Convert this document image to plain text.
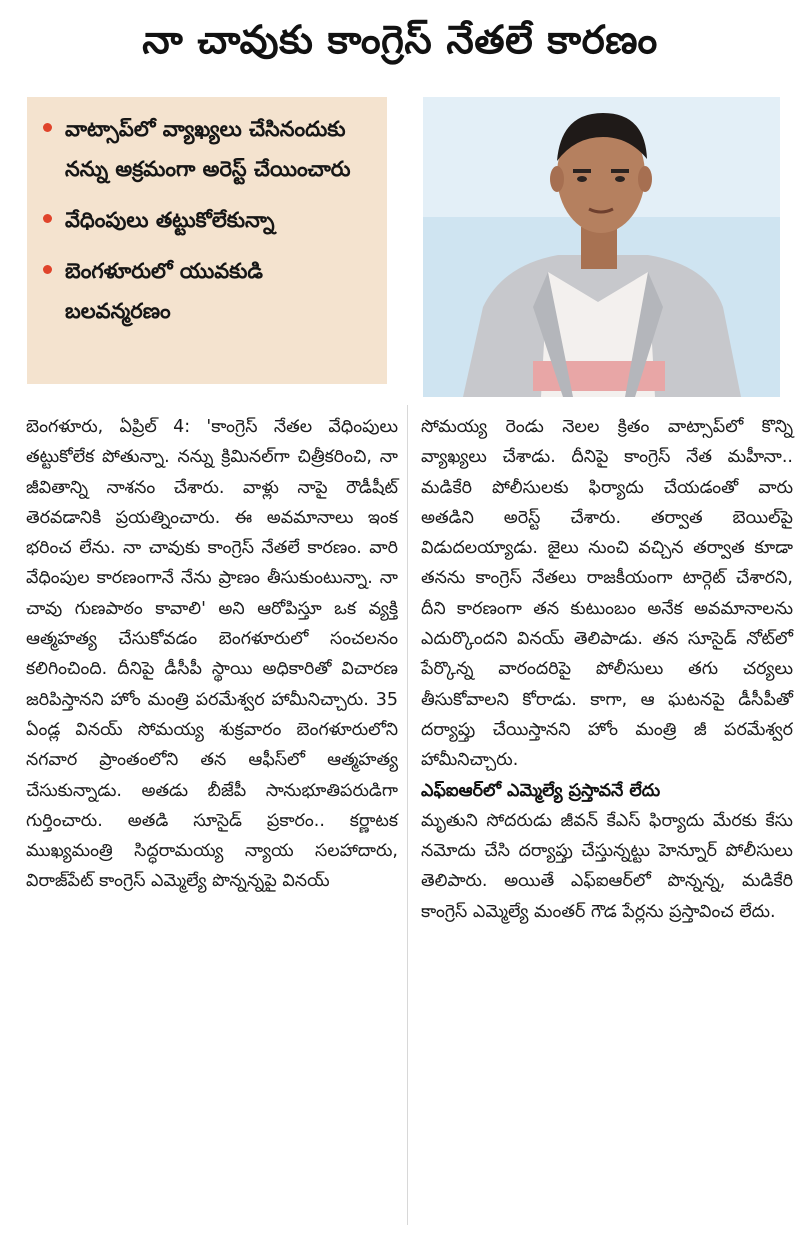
నా చావుకు కాంగ్రెస్ నేతలే కారణం
వాట్సాప్‌లో వ్యాఖ్యలు చేసినందుకు నన్ను అక్రమంగా అరెస్ట్ చేయించారు
వేధింపులు తట్టుకోలేకున్నా
బెంగళూరులో యువకుడి బలవన్మరణం

బెంగళూరు, ఏప్రిల్ 4: 'కాంగ్రెస్ నేతల వేధింపులు తట్టుకోలేక పోతున్నా. నన్ను క్రిమినల్‌గా చిత్రీకరించి, నా జీవితాన్ని నాశనం చేశారు. వాళ్లు నాపై రౌడీషీట్ తెరవడానికి ప్రయత్నించారు. ఈ అవమానాలు ఇంక భరించ లేను. నా చావుకు కాంగ్రెస్ నేతలే కారణం. వారి వేధింపుల కారణంగానే నేను ప్రాణం తీసుకుంటున్నా. నా చావు గుణపాఠం కావాలి' అని ఆరోపిస్తూ ఒక వ్యక్తి ఆత్మహత్య చేసుకోవడం బెంగళూరులో సంచలనం కలిగించింది. దీనిపై డీసీపీ స్థాయి అధికారితో విచారణ జరిపిస్తానని హోం మంత్రి పరమేశ్వర హామీనిచ్చారు. 35 ఏండ్ల వినయ్ సోమయ్య శుక్రవారం బెంగళూరులోని నగవార ప్రాంతంలోని తన ఆఫీస్‌లో ఆత్మహత్య చేసుకున్నాడు. అతడు బీజేపీ సానుభూతిపరుడిగా గుర్తించారు. అతడి సూసైడ్ ప్రకారం.. కర్ణాటక ముఖ్యమంత్రి సిద్ధరామయ్య న్యాయ సలహాదారు, విరాజ్‌పేట్ కాంగ్రెస్ ఎమ్మెల్యే పొన్నన్నపై వినయ్

సోమయ్య రెండు నెలల క్రితం వాట్సాప్‌లో కొన్ని వ్యాఖ్యలు చేశాడు. దీనిపై కాంగ్రెస్ నేత మహీనా.. మడికేరి పోలీసులకు ఫిర్యాదు చేయడంతో వారు అతడిని అరెస్ట్ చేశారు. తర్వాత బెయిల్‌పై విడుదలయ్యాడు. జైలు నుంచి వచ్చిన తర్వాత కూడా తనను కాంగ్రెస్ నేతలు రాజకీయంగా టార్గెట్ చేశారని, దీని కారణంగా తన కుటుంబం అనేక అవమానాలను ఎదుర్కొందని వినయ్ తెలిపాడు. తన సూసైడ్ నోట్‌లో పేర్కొన్న వారందరిపై పోలీసులు తగు చర్యలు తీసుకోవాలని కోరాడు. కాగా, ఆ ఘటనపై డీసీపీతో దర్యాప్తు చేయిస్తానని హోం మంత్రి జీ పరమేశ్వర హామీనిచ్చారు.

ఎఫ్ఐఆర్‌లో ఎమ్మెల్యే ప్రస్తావనే లేదు

మృతుని సోదరుడు జీవన్ కేఎస్ ఫిర్యాదు మేరకు కేసు నమోదు చేసి దర్యాప్తు చేస్తున్నట్టు హెన్నూర్ పోలీసులు తెలిపారు. అయితే ఎఫ్ఐఆర్‌లో పొన్నన్న, మడికేరి కాంగ్రెస్ ఎమ్మెల్యే మంతర్ గౌడ పేర్లను ప్రస్తావించ లేదు.
